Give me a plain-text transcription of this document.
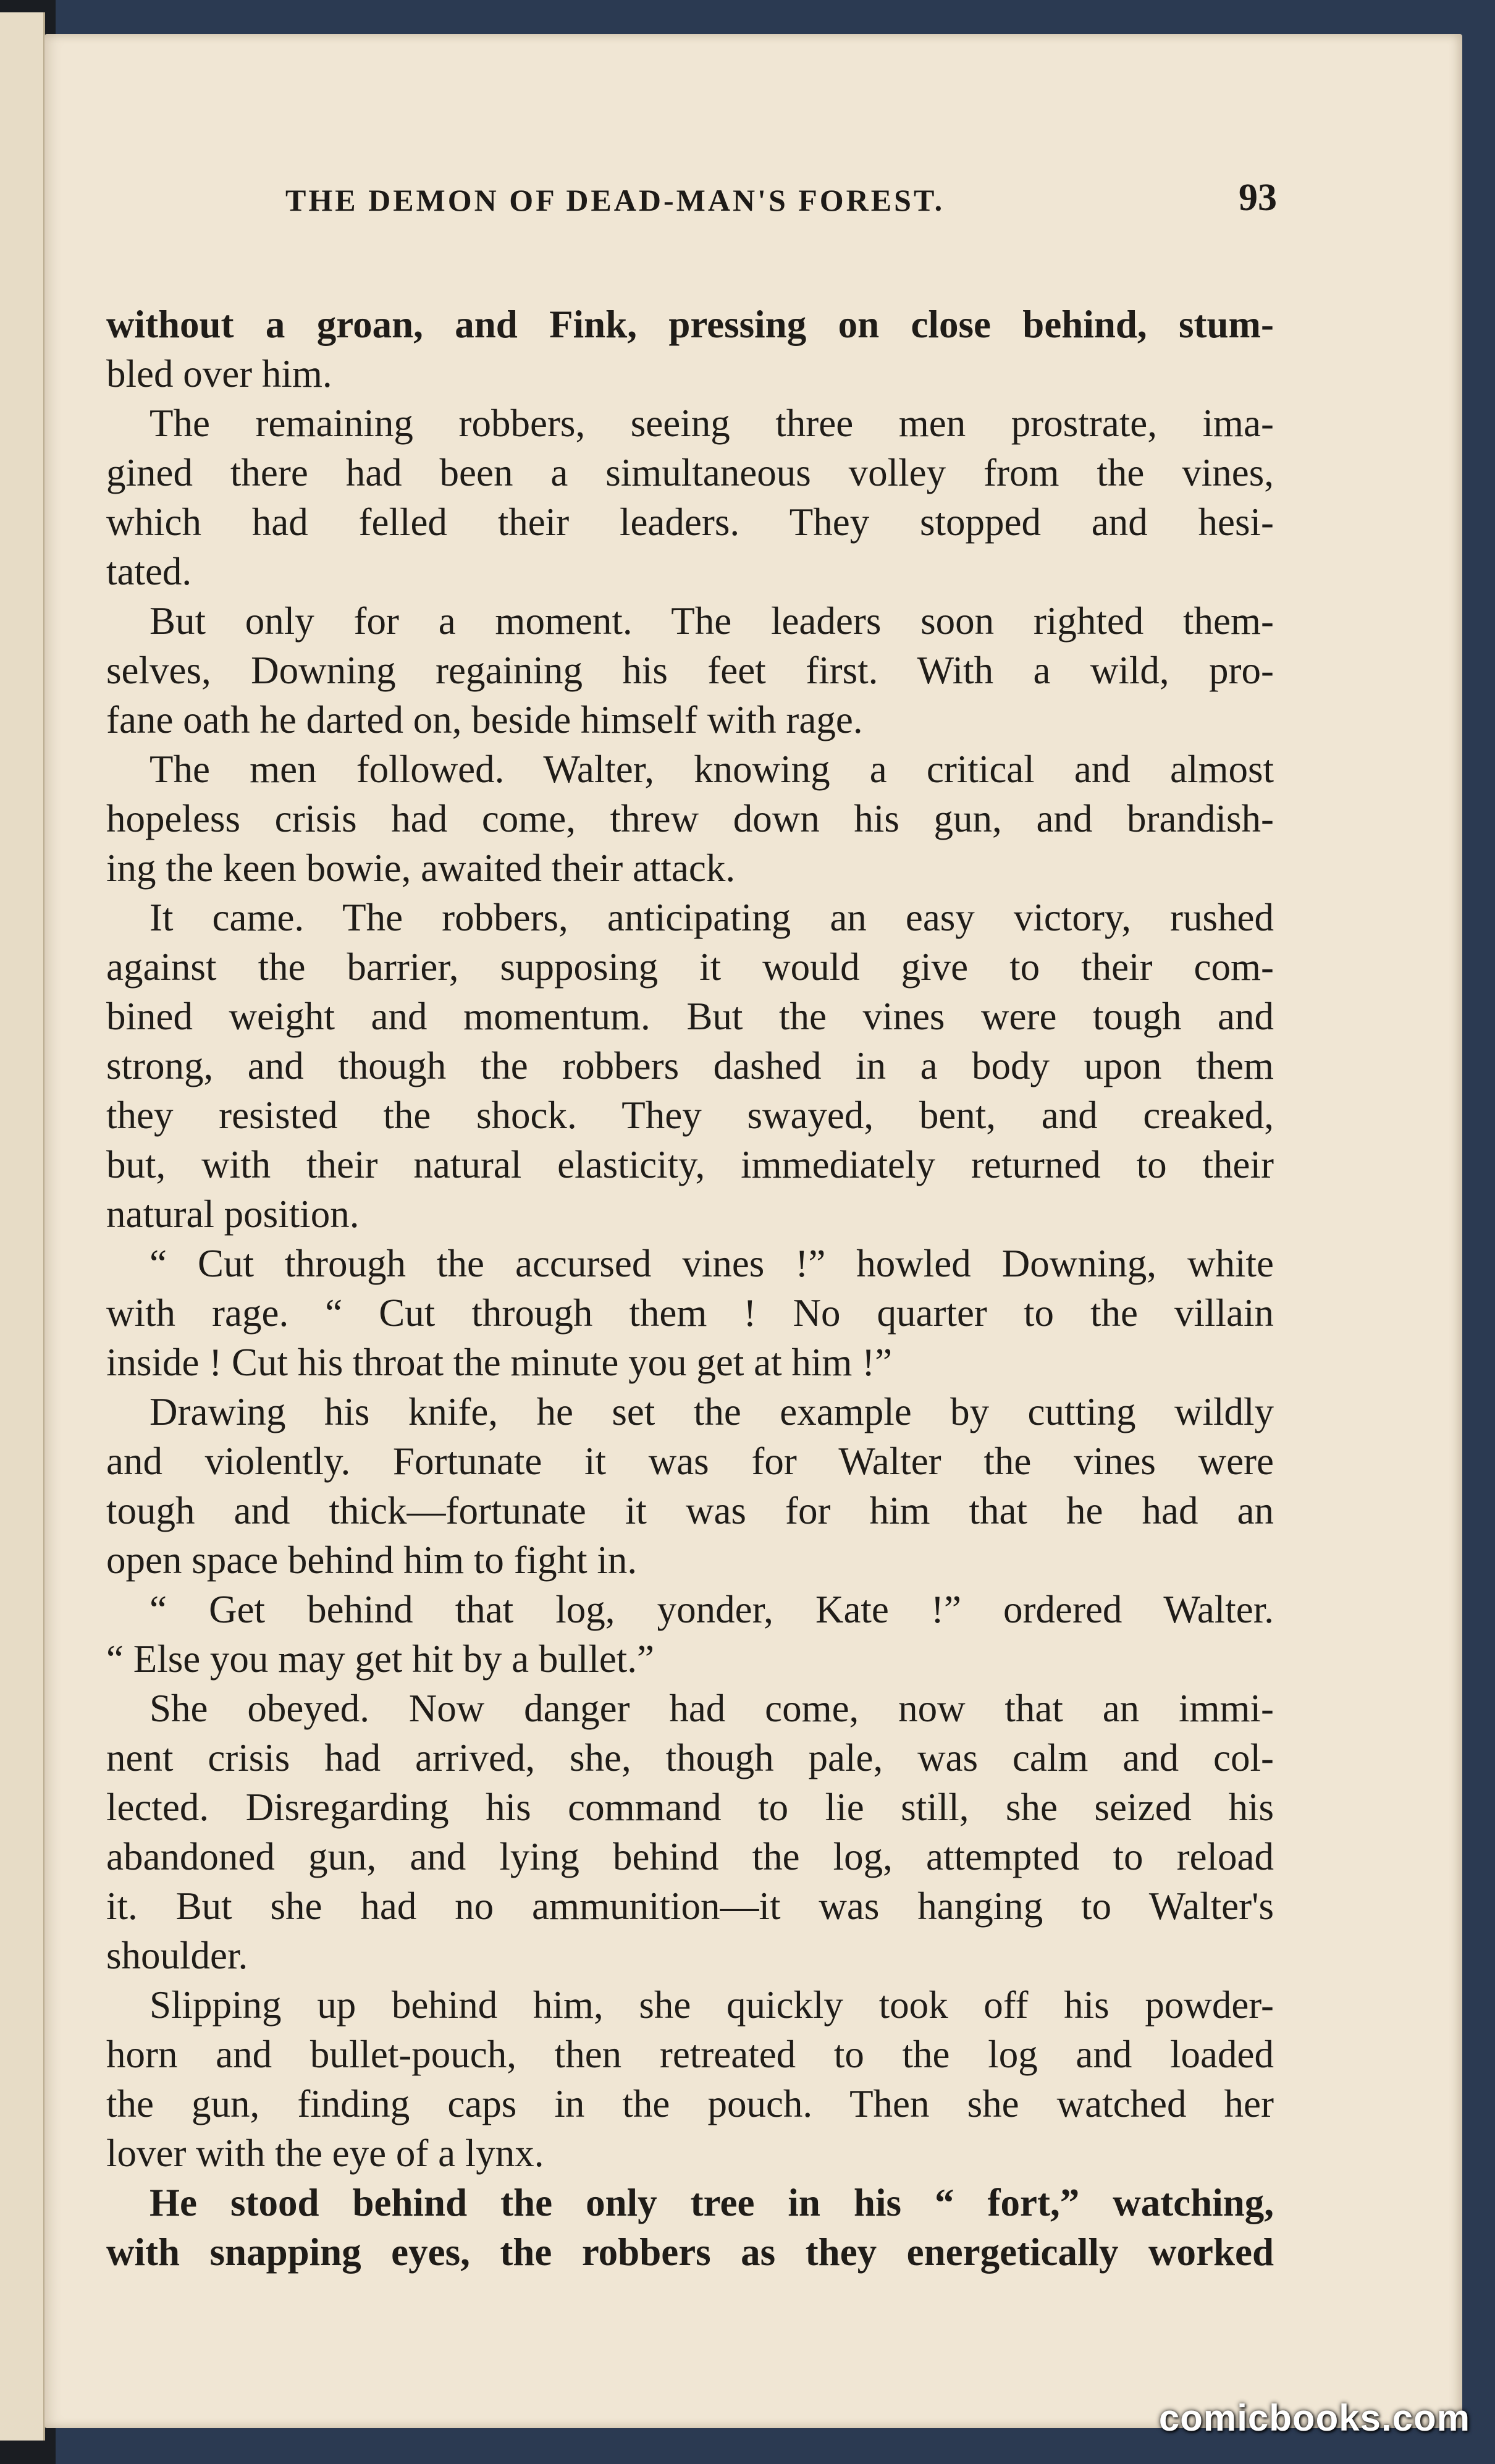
THE DEMON OF DEAD-MAN'S FOREST.	93
without a groan, and Fink, pressing on close behind, stum-
bled over him.
The remaining robbers, seeing three men prostrate, ima-
gined there had been a simultaneous volley from the vines,
which had felled their leaders. They stopped and hesi-
tated.
But only for a moment. The leaders soon righted them-
selves, Downing regaining his feet first. With a wild, pro-
fane oath he darted on, beside himself with rage.
The men followed. Walter, knowing a critical and almost
hopeless crisis had come, threw down his gun, and brandish-
ing the keen bowie, awaited their attack.
It came. The robbers, anticipating an easy victory, rushed
against the barrier, supposing it would give to their com-
bined weight and momentum. But the vines were tough and
strong, and though the robbers dashed in a body upon them
they resisted the shock. They swayed, bent, and creaked,
but, with their natural elasticity, immediately returned to their
natural position.
“ Cut through the accursed vines !” howled Downing, white
with rage. “ Cut through them ! No quarter to the villain
inside ! Cut his throat the minute you get at him !”
Drawing his knife, he set the example by cutting wildly
and violently. Fortunate it was for Walter the vines were
tough and thick—fortunate it was for him that he had an
open space behind him to fight in.
“ Get behind that log, yonder, Kate !” ordered Walter.
“ Else you may get hit by a bullet.”
She obeyed. Now danger had come, now that an immi-
nent crisis had arrived, she, though pale, was calm and col-
lected. Disregarding his command to lie still, she seized his
abandoned gun, and lying behind the log, attempted to reload
it. But she had no ammunition—it was hanging to Walter's
shoulder.
Slipping up behind him, she quickly took off his powder-
horn and bullet-pouch, then retreated to the log and loaded
the gun, finding caps in the pouch. Then she watched her
lover with the eye of a lynx.
He stood behind the only tree in his “ fort,” watching,
with snapping eyes, the robbers as they energetically worked
comicbooks.com
